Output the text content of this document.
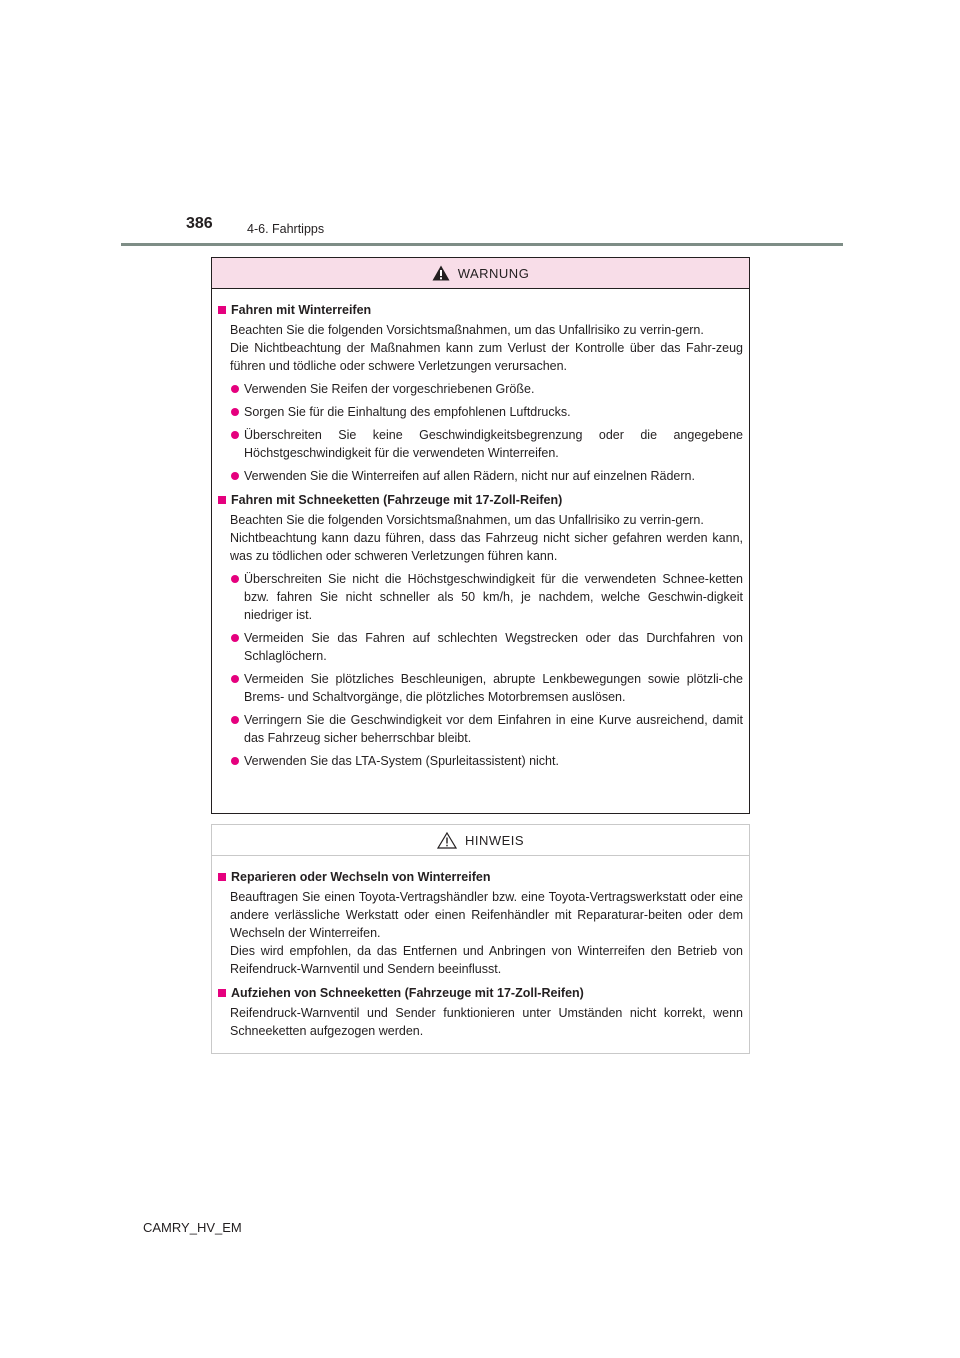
386	4-6. Fahrtipps
WARNUNG
Fahren mit Winterreifen

Beachten Sie die folgenden Vorsichtsmaßnahmen, um das Unfallrisiko zu verrin-gern.

Die Nichtbeachtung der Maßnahmen kann zum Verlust der Kontrolle über das Fahr-zeug führen und tödliche oder schwere Verletzungen verursachen.

Verwenden Sie Reifen der vorgeschriebenen Größe.
Sorgen Sie für die Einhaltung des empfohlenen Luftdrucks.
Überschreiten Sie keine Geschwindigkeitsbegrenzung oder die angegebene Höchstgeschwindigkeit für die verwendeten Winterreifen.
Verwenden Sie die Winterreifen auf allen Rädern, nicht nur auf einzelnen Rädern.
Fahren mit Schneeketten (Fahrzeuge mit 17-Zoll-Reifen)

Beachten Sie die folgenden Vorsichtsmaßnahmen, um das Unfallrisiko zu verrin-gern.

Nichtbeachtung kann dazu führen, dass das Fahrzeug nicht sicher gefahren werden kann, was zu tödlichen oder schweren Verletzungen führen kann.

Überschreiten Sie nicht die Höchstgeschwindigkeit für die verwendeten Schnee-ketten bzw. fahren Sie nicht schneller als 50 km/h, je nachdem, welche Geschwin-digkeit niedriger ist.
Vermeiden Sie das Fahren auf schlechten Wegstrecken oder das Durchfahren von Schlaglöchern.
Vermeiden Sie plötzliches Beschleunigen, abrupte Lenkbewegungen sowie plötzli-che Brems- und Schaltvorgänge, die plötzliches Motorbremsen auslösen.
Verringern Sie die Geschwindigkeit vor dem Einfahren in eine Kurve ausreichend, damit das Fahrzeug sicher beherrschbar bleibt.
Verwenden Sie das LTA-System (Spurleitassistent) nicht.
HINWEIS
Reparieren oder Wechseln von Winterreifen

Beauftragen Sie einen Toyota-Vertragshändler bzw. eine Toyota-Vertragswerkstatt oder eine andere verlässliche Werkstatt oder einen Reifenhändler mit Reparaturar-beiten oder dem Wechseln der Winterreifen.

Dies wird empfohlen, da das Entfernen und Anbringen von Winterreifen den Betrieb von Reifendruck-Warnventil und Sendern beeinflusst.

Aufziehen von Schneeketten (Fahrzeuge mit 17-Zoll-Reifen)

Reifendruck-Warnventil und Sender funktionieren unter Umständen nicht korrekt, wenn Schneeketten aufgezogen werden.

CAMRY_HV_EM
